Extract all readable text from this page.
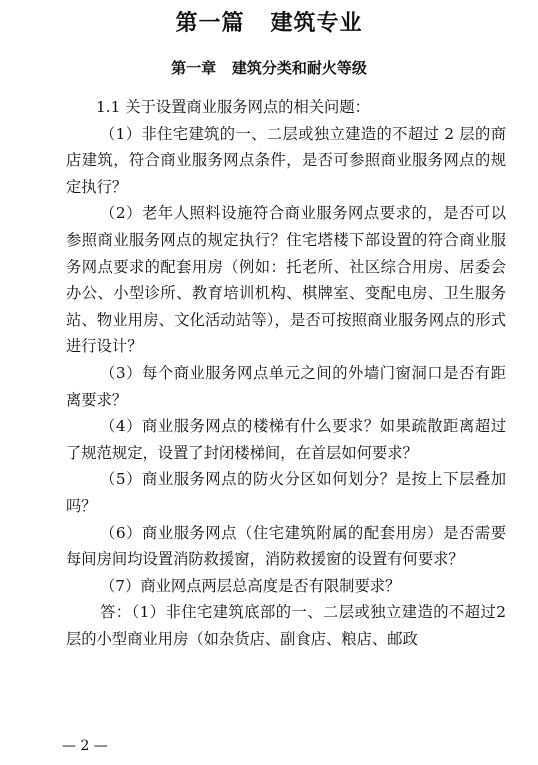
第一篇   建筑专业
第一章   建筑分类和耐火等级

1.1 关于设置商业服务网点的相关问题：

（1）非住宅建筑的一、二层或独立建造的不超过 2 层的商店建筑，符合商业服务网点条件，是否可参照商业服务网点的规定执行？

（2）老年人照料设施符合商业服务网点要求的，是否可以参照商业服务网点的规定执行？住宅塔楼下部设置的符合商业服务网点要求的配套用房（例如：托老所、社区综合用房、居委会办公、小型诊所、教育培训机构、棋牌室、变配电房、卫生服务站、物业用房、文化活动站等），是否可按照商业服务网点的形式进行设计？

（3）每个商业服务网点单元之间的外墙门窗洞口是否有距离要求？

（4）商业服务网点的楼梯有什么要求？如果疏散距离超过了规范规定，设置了封闭楼梯间，在首层如何要求？

（5）商业服务网点的防火分区如何划分？是按上下层叠加吗？

（6）商业服务网点（住宅建筑附属的配套用房）是否需要每间房间均设置消防救援窗，消防救援窗的设置有何要求？

（7）商业网点两层总高度是否有限制要求？

答：（1）非住宅建筑底部的一、二层或独立建造的不超过2层的小型商业用房（如杂货店、副食店、粮店、邮政

— 2 —
